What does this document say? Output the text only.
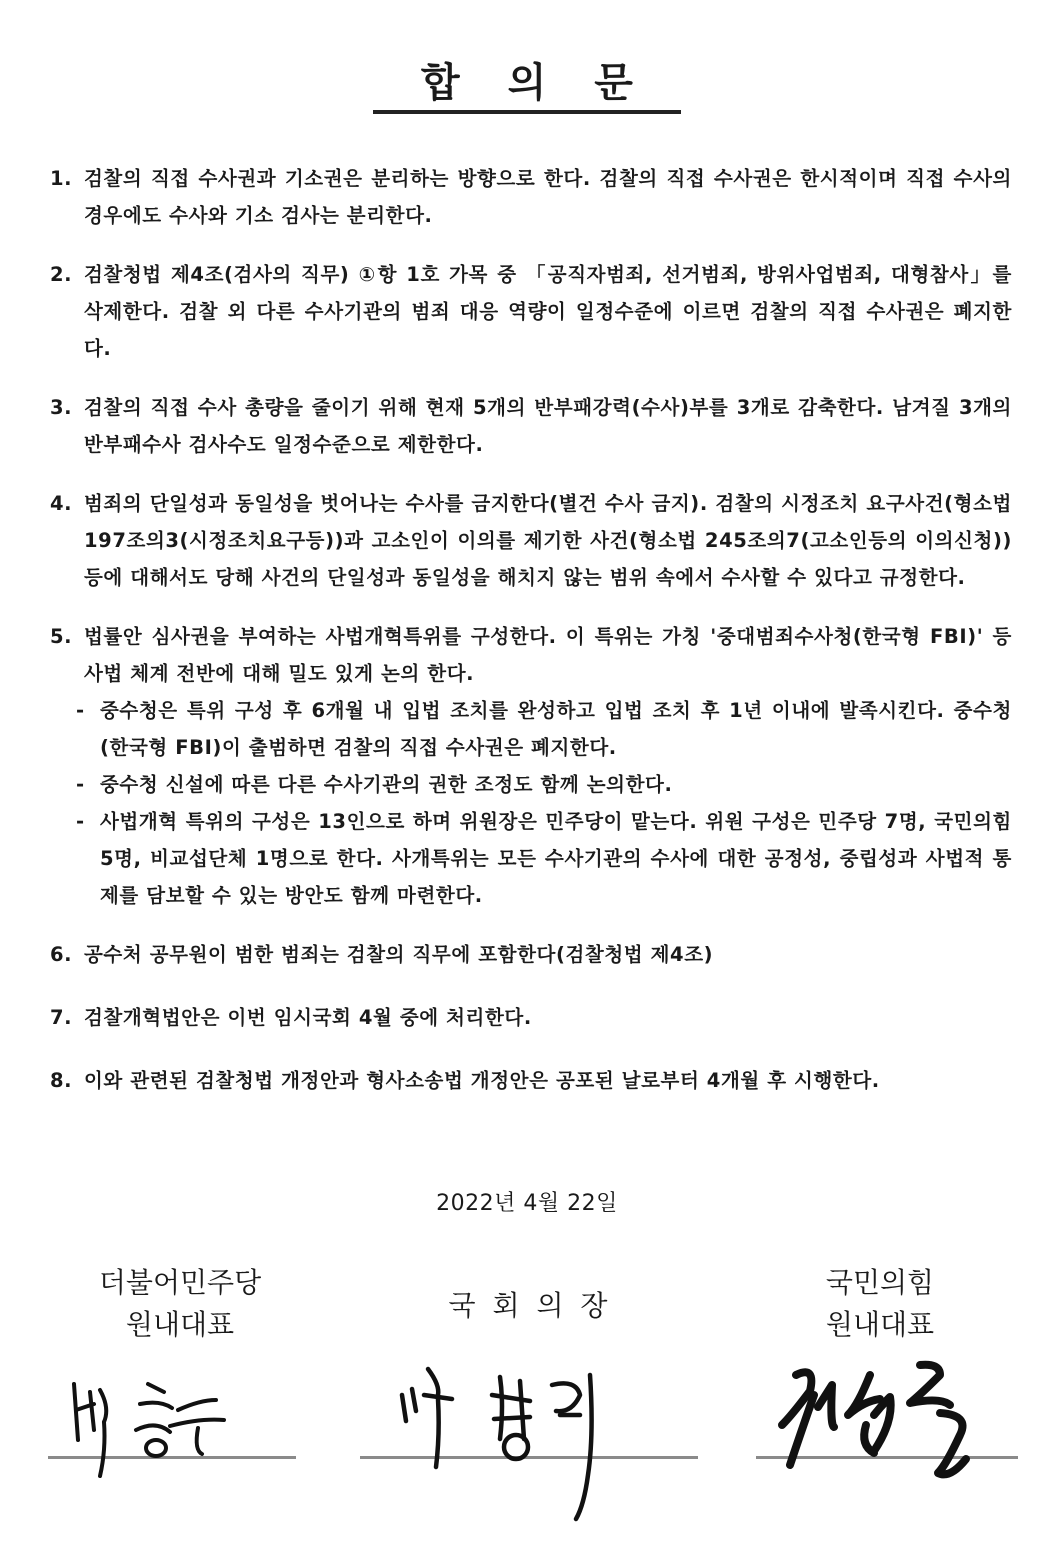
합의문
1. 검찰의 직접 수사권과 기소권은 분리하는 방향으로 한다. 검찰의 직접 수사권은 한시적이며 직접 수사의 경우에도 수사와 기소 검사는 분리한다.
2. 검찰청법 제4조(검사의 직무) ①항 1호 가목 중 「공직자범죄, 선거범죄, 방위사업범죄, 대형참사」를 삭제한다. 검찰 외 다른 수사기관의 범죄 대응 역량이 일정수준에 이르면 검찰의 직접 수사권은 폐지한다.
3. 검찰의 직접 수사 총량을 줄이기 위해 현재 5개의 반부패강력(수사)부를 3개로 감축한다. 남겨질 3개의 반부패수사 검사수도 일정수준으로 제한한다.
4. 범죄의 단일성과 동일성을 벗어나는 수사를 금지한다(별건 수사 금지). 검찰의 시정조치 요구사건(형소법 197조의3(시정조치요구등))과 고소인이 이의를 제기한 사건(형소법 245조의7(고소인등의 이의신청))등에 대해서도 당해 사건의 단일성과 동일성을 해치지 않는 범위 속에서 수사할 수 있다고 규정한다.
5. 법률안 심사권을 부여하는 사법개혁특위를 구성한다. 이 특위는 가칭 '중대범죄수사청(한국형 FBI)' 등 사법 체계 전반에 대해 밀도 있게 논의 한다.
- 중수청은 특위 구성 후 6개월 내 입법 조치를 완성하고 입법 조치 후 1년 이내에 발족시킨다. 중수청(한국형 FBI)이 출범하면 검찰의 직접 수사권은 폐지한다.
- 중수청 신설에 따른 다른 수사기관의 권한 조정도 함께 논의한다.
- 사법개혁 특위의 구성은 13인으로 하며 위원장은 민주당이 맡는다. 위원 구성은 민주당 7명, 국민의힘 5명, 비교섭단체 1명으로 한다. 사개특위는 모든 수사기관의 수사에 대한 공정성, 중립성과 사법적 통제를 담보할 수 있는 방안도 함께 마련한다.
6. 공수처 공무원이 범한 범죄는 검찰의 직무에 포함한다(검찰청법 제4조)
7. 검찰개혁법안은 이번 임시국회 4월 중에 처리한다.
8. 이와 관련된 검찰청법 개정안과 형사소송법 개정안은 공포된 날로부터 4개월 후 시행한다.
2022년 4월 22일
더불어민주당
원내대표
국 회 의 장
국민의힘
원내대표
